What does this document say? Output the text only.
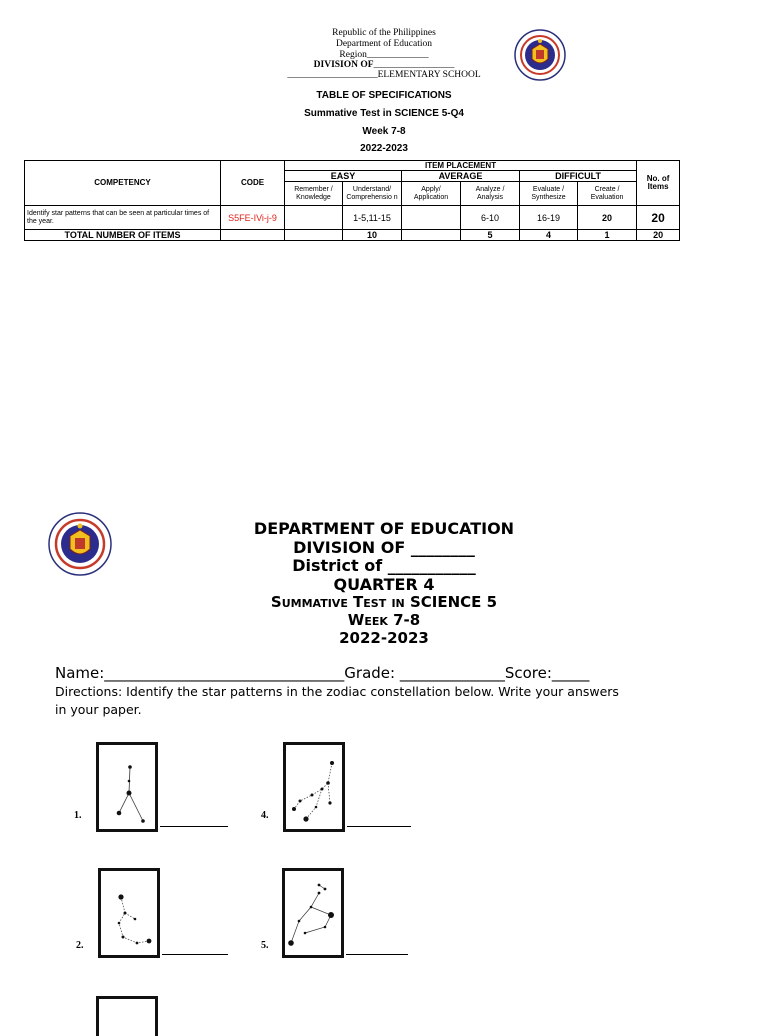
Republic of the Philippines
Department of Education
Region_____________
DIVISION OF_________________
___________________ELEMENTARY SCHOOL
TABLE OF SPECIFICATIONS
Summative Test in SCIENCE 5-Q4
Week 7-8
2022-2023
COMPETENCY	CODE	ITEM PLACEMENT						No. of Items
		EASY		AVERAGE		DIFFICULT		
		Remember / Knowledge	Understand/ Comprehensio n	Apply/ Application	Analyze / Analysis	Evaluate / Synthesize	Create / Evaluation	
Identify star patterns that can be seen at particular times of the year.	S5FE-IVi-j-9		1-5,11-15		6-10	16-19	20	20
TOTAL NUMBER OF ITEMS			10		5	4	1	20
DEPARTMENT OF EDUCATION
DIVISION OF ________
District of ___________
QUARTER 4
Summative Test in SCIENCE 5
Week 7-8
2022-2023
Name:________________________________Grade: ______________Score:_____
Directions: Identify the star patterns in the zodiac constellation below. Write your answers
in your paper.
1.	4.
2.	5.
